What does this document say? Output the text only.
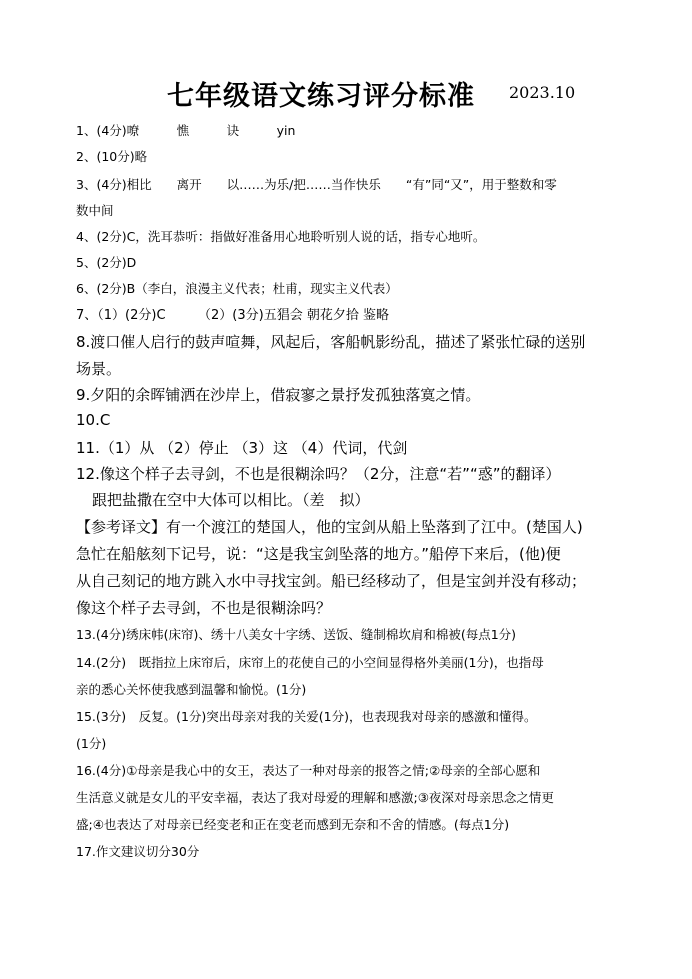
七年级语文练习评分标准 2023.10
1、(4分)嘹　　　憔　　　诀　　　yin
2、(10分)略
3、(4分)相比　　离开　　以……为乐/把……当作快乐　　“有”同“又”，用于整数和零
数中间
4、(2分)C，洗耳恭听：指做好准备用心地聆听别人说的话，指专心地听。
5、(2分)D
6、(2分)B（李白，浪漫主义代表；杜甫，现实主义代表）
7、（1）(2分)C　　　（2）(3分)五猖会 朝花夕拾 鉴略
8.渡口催人启行的鼓声喧舞，风起后，客船帆影纷乱，描述了紧张忙碌的送别
场景。
9.夕阳的余晖铺洒在沙岸上，借寂寥之景抒发孤独落寞之情。
10.C
11.（1）从 （2）停止 （3）这 （4）代词，代剑
12.像这个样子去寻剑，不也是很糊涂吗？（2分，注意“若”“惑”的翻译）
跟把盐撒在空中大体可以相比。（差　拟）
【参考译文】有一个渡江的楚国人，他的宝剑从船上坠落到了江中。(楚国人)
急忙在船舷刻下记号，说：“这是我宝剑坠落的地方。”船停下来后，(他)便
从自己刻记的地方跳入水中寻找宝剑。船已经移动了，但是宝剑并没有移动；
像这个样子去寻剑，不也是很糊涂吗？
13.(4分)绣床帏(床帘)、绣十八美女十字绣、送饭、缝制棉坎肩和棉被(每点1分)
14.(2分)　既指拉上床帘后，床帘上的花使自己的小空间显得格外美丽(1分)，也指母
亲的悉心关怀使我感到温馨和愉悦。(1分)
15.(3分)　反复。(1分)突出母亲对我的关爱(1分)，也表现我对母亲的感激和懂得。
(1分)
16.(4分)①母亲是我心中的女王，表达了一种对母亲的报答之情;②母亲的全部心愿和
生活意义就是女儿的平安幸福，表达了我对母爱的理解和感激;③夜深对母亲思念之情更
盛;④也表达了对母亲已经变老和正在变老而感到无奈和不舍的情感。(每点1分)
17.作文建议切分30分
